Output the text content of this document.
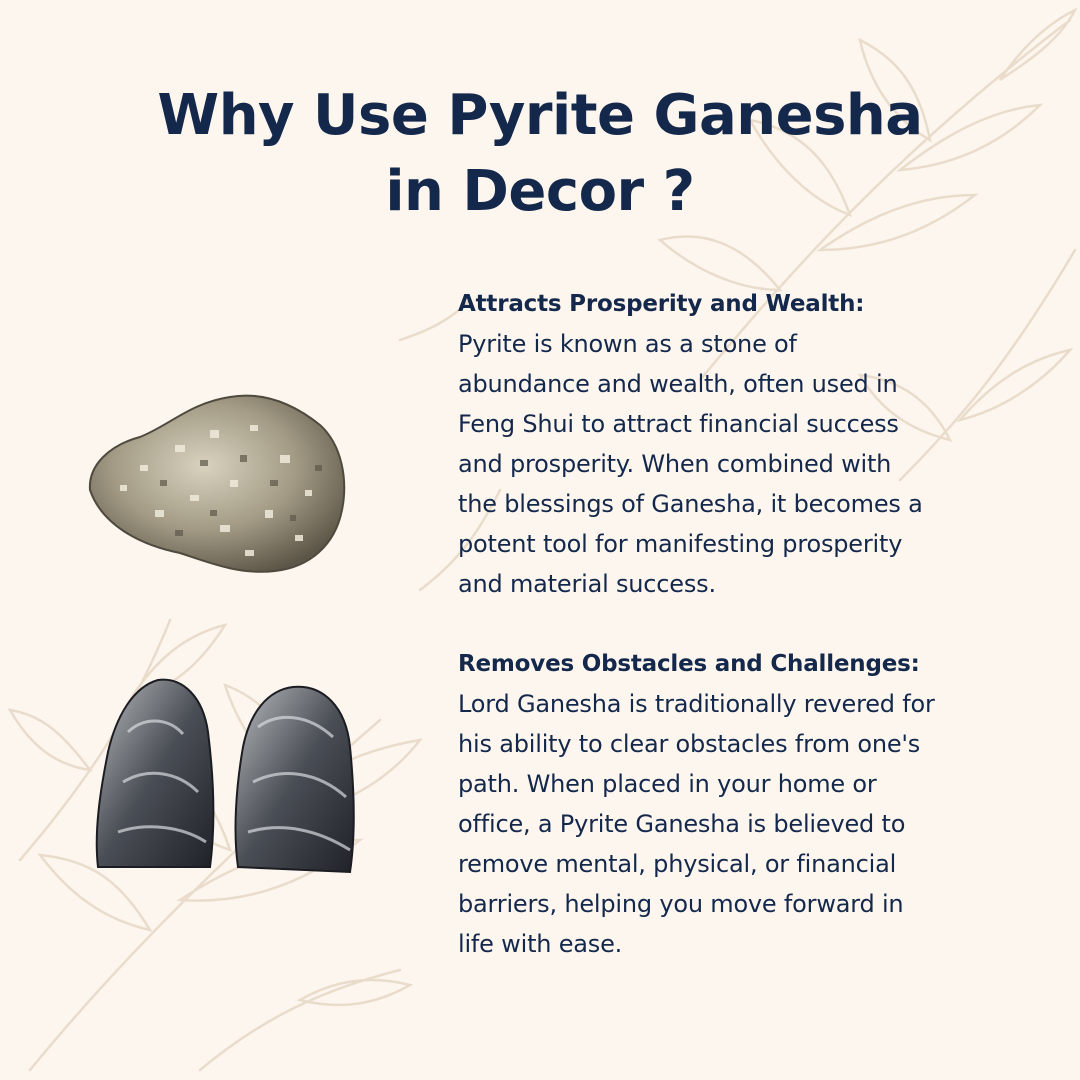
Why Use Pyrite Ganesha
in Decor ?
Attracts Prosperity and Wealth:

Pyrite is known as a stone of
abundance and wealth, often used in
Feng Shui to attract financial success
and prosperity. When combined with
the blessings of Ganesha, it becomes a
potent tool for manifesting prosperity
and material success.

Removes Obstacles and Challenges:

Lord Ganesha is traditionally revered for
his ability to clear obstacles from one's
path. When placed in your home or
office, a Pyrite Ganesha is believed to
remove mental, physical, or financial
barriers, helping you move forward in
life with ease.
